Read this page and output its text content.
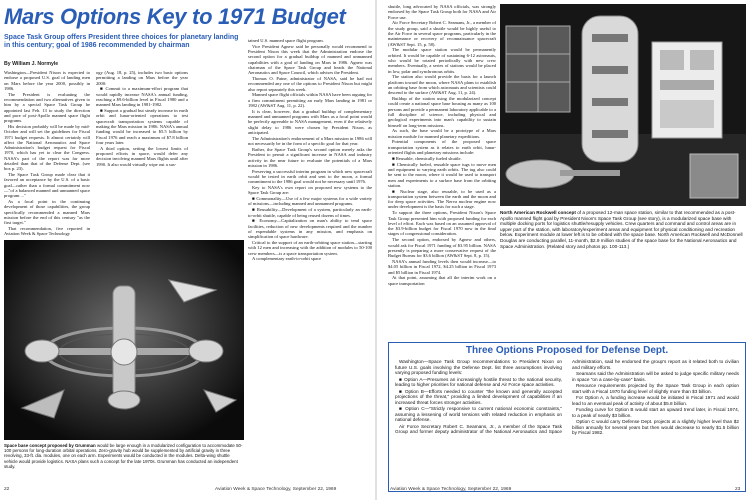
Mars Options Key to 1971 Budget
Space Task Group offers President three choices for planetary landing in this century; goal of 1986 recommended by chairman
By William J. Normyle

Washington—President Nixon is expected to endorse a proposed U.S. goal of landing men on Mars before the year 2000, possibly in 1986.

The President is evaluating the recommendation and two alternatives given to him by a special Space Task Group he appointed last Feb. 13 to study the direction and pace of post-Apollo manned space flight programs.

His decision probably will be made by mid-October and will set the guidelines for Fiscal 1971 budget requests. It almost certainly will affect the National Aeronautics and Space Administration's budget request for Fiscal 1970, which has yet to clear the Congress. NASA's part of the report was far more detailed than that of the Defense Dept. (see box p. 23).

The Space Task Group made clear that it favored an acceptance by the U.S. of a basic goal—rather than a formal commitment now—"of a balanced manned and unmanned space program ..."

As a focal point in the continuing development of those capabilities, the group specifically recommended a manned Mars mission before the end of this century "as the first target."

That recommendation, five reported in Aviation Week & Space Technology

ogy (Aug. 18, p. 25), includes two basic options permitting a landing on Mars before the year 2000:

■ Commit to a maximum-effort program that would rapidly increase NASA's annual funding, reaching a $9.6-billion level in Fiscal 1980 and a manned Mars landing in 1981-1982.

■ Support a gradual but steady increase in earth orbit and lunar-oriented operations to test spacecraft transportation systems capable of making the Mars mission in 1986. NASA's annual funding would be increased to $5.5 billion by Fiscal 1976 and reach a maximum of $7.8 billion four years later.

A third option, setting the lowest limits of proposed efforts in space, would defer any decision involving manned Mars flights until after 1990. It also would virtually wipe out a sus-

tained U.S. manned space flight program.

Vice President Agnew said he personally would recommend to President Nixon this week that the Administration endorse the second option for a gradual buildup of manned and unmanned capabilities with a goal of landing on Mars in 1986. Agnew was chairman of the Space Task Group and heads the National Aeronautics and Space Council, which advises the President.

Thomas O. Paine, administrator of NASA, said he had not recommended any one of the options to President Nixon but might also report separately this week.

Manned space flight officials within NASA have been arguing for a firm commitment permitting an early Mars landing in 1981 or 1982 (AW&ST Aug. 11, p. 22).

It is clear, however, that a gradual buildup of complementary manned and unmanned programs with Mars as a focal point would be perfectly agreeable to NASA management, even if the relatively slight delay to 1986 were chosen by President Nixon, as anticipated.

The Administration's endorsement of a Mars mission in 1986 will not necessarily be in the form of a specific goal for that year.

Rather, the Space Task Group's second option merely asks the President to permit a significant increase in NASA and industry activity in the near future to evaluate the potentials of a Mars mission in 1986.

Preserving a successful interim program in which new spacecraft would be tested in earth orbit and sent to the moon, a formal commitment to the 1986 goal would not be necessary until 1976.

Key to NASA's own report on proposed new systems to the Space Task Group are:

■ Commonality—Use of a few major systems for a wide variety of missions—including manned and unmanned programs.

■ Reusability—Development of a system, particularly an earth-to-orbit shuttle, capable of being reused dozens of times.

■ Economy—Capitalization on man's ability to tend space facilities, reduction of new developments required and the number of expendable systems in any mission, and emphasis on simplification of space hardware.

Critical to the support of an earth-orbiting space station—starting with 12 men and increasing with the addition of modules to 50-100 crew members—is a space transportation system.

A complementary earth-to-orbit space

shuttle, long advocated by NASA officials, was strongly endorsed by the Space Task Group both for NASA and Air Force use.

Air Force Secretary Robert C. Seamans, Jr., a member of the study group, said a shuttle would be highly useful to the Air Force in several space programs, particularly in the maintenance or recovery of reconnaissance spacecraft (AW&ST Sept. 15, p. 58).

The modular space station would be permanently orbited. It would be capable of sustaining 6-12 astronauts, who would be rotated periodically with new crew members. Eventually, a series of stations would be placed in low, polar and synchronous orbits.

The station also would provide the basis for a launch platform toward the moon, where NASA plans to establish an orbiting base from which astronauts and scientists could descend to the surface (AW&ST Aug. 11, p. 24).

Buildup of the station using the modularized concept could create a national space base housing as many as 100 persons and provide a permanent laboratory applicable to a full discipline of science, including physical and geological experiments into man's capability to sustain himself on long-term missions.

As such, the base would be a prototype of a Mars mission module for manned planetary expeditions.

Potential components of the proposed space transportation system as it relates to earth orbit, lunar-oriented flights and planetary missions include:

■ Reusable, chemically fueled shuttle.

■ Chemically fueled, reusable space tugs to move men and equipment to varying earth orbits. The tug also could be sent to the moon, where it would be used to transport men and experiments to a surface base from the orbiting station.

■ Nuclear stage, also reusable, to be used as a transportation system between the earth and the moon and for deep space activities. The Nerva nuclear engine now under development is the basis for such a stage.

To support the three options, President Nixon's Space Task Group presented him with proposed funding for each level of effort. Each was based on an assumed approval of the $3.9-billion budget for Fiscal 1970 now in the final stages of congressional consideration.

The second option, endorsed by Agnew and others, would ask for Fiscal 1971 funding of $3.95 billion. NASA presently is preparing a more conservative request of the Budget Bureau for $3.6 billion (AW&ST Sept. 8, p. 15).

NASA's annual funding levels then would increase—to $4.05 billion in Fiscal 1972, $4.25 billion in Fiscal 1973 and $5 billion in Fiscal 1974.

At that point, assuming that all the interim work on a space transportation

Space base concept proposed by Grumman would be large enough in a modularized configuration to accommodate 50-100 persons for long-duration orbital operations. Zero-gravity hub would be supplemented by artificial gravity in three revolving, 33-ft. dia. modules, one on each arm. Experiments would be conducted in the modules. Delta-wing shuttle vehicle would provide logistics. NASA plans such a concept for the late 1970s. Grumman has conducted an independent study.
North American Rockwell concept of a proposed 12-man space station, similar to that recommended as a post-Apollo manned flight goal by President Nixon's Space Task Group (see story), is a modularized space base with multiple docking ports for logistics shuttle/resupply vehicles. Crew quarters and command and control areas are in upper part of the station, with laboratory/experiment areas and equipment for physical conditioning and recreation below. Experiment module at lower left is to be orbited with the space base. North American Rockwell and McDonnell Douglas are conducting parallel, 11-month, $2.9 million studies of the space base for the National Aeronautics and Space Administration. (Related story and photos pp. 100-113.)
Three Options Proposed for Defense Dept.

Washington—Space Task Group recommendations to President Nixon on future U.S. goals involving the Defense Dept. list three assumptions involving varying proposed funding levels:

■ Option A—Presumes an increasingly hostile threat to the national security, leading to higher priorities for national defense and Air Force space activities.

■ Option B—Efforts needed to counter "the known and generally accepted projections of the threat," providing a limited development of capabilities if an increased threat forces stronger activities.

■ Option C—"Strictly responsive to current national economic constraints," assuming a lessening of world tensions with related reduction in emphasis on national defense.

Air Force Secretary Robert C. Seamans, Jr., a member of the Space Task Group and former deputy administrator of the National Aeronautics and Space Administration, said he endorsed the group's report as it related both to civilian and military efforts.

Seamans said the Administration will be asked to judge specific military needs in space "on a case-by-case" basis.

Resource requirements projected by the Space Task Group in each option start with a Fiscal 1970 funding level of slightly more than $3 billion.

For Option A, a funding increase would be initiated in Fiscal 1971 and would lead to an eventual peak of activity of about $5.8 billion.

Funding curve for Option B would start an upward trend later, in Fiscal 1974, to a peak of nearly $3 billion.

Option C would carry Defense Dept. projects at a slightly higher level than $2 billion annually for several years but then would decrease to nearly $1.5 billion by Fiscal 1982.

22	Aviation Week & Space Technology, September 22, 1969	Aviation Week & Space Technology, September 22, 1969	23
